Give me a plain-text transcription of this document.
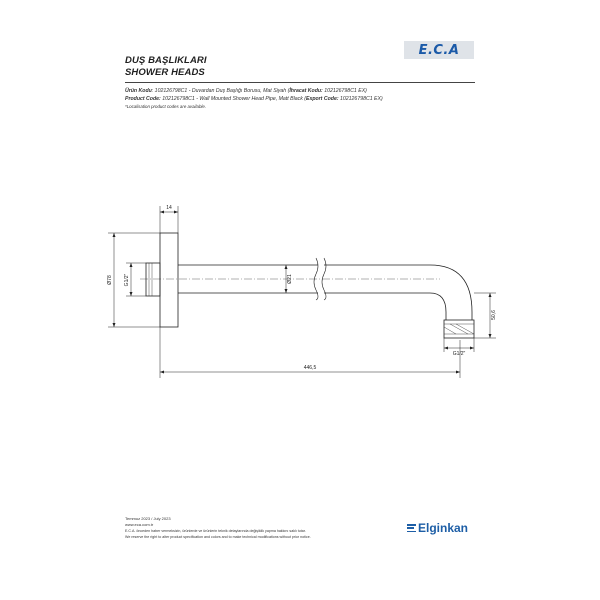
DUŞ BAŞLIKLARI
SHOWER HEADS
E.C.A
Ürün Kodu: 102126798C1 - Duvardan Duş Başlığı Borusu, Mat Siyah (İhracat Kodu: 102126798C1 EX)
Product Code: 102126798C1 - Wall Mounted Shower Head Pipe, Matt Black (Export Code: 102126798C1 EX)
*Localisation product codes are available.
14
Ø78 G1/2"	Ø21
50,6
G1/2"
446,5
Temmuz 2023 / July 2023
www.eca.com.tr
E.C.A. önceden haber vermeksizin, ürünlerde ve ürünlerin teknik detaylarında değişiklik yapma hakkını saklı tutar.
We reserve the right to alter product specification and colors and to make technical modifications without prior notice.
Elginkan
